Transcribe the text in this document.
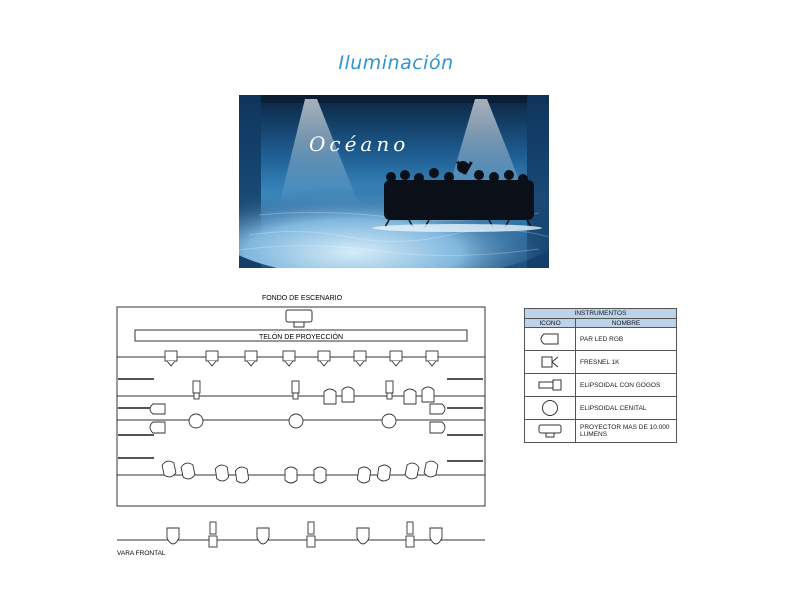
Iluminación
Océano
FONDO DE ESCENARIO
TELÓN DE PROYECCIÓN
VARA FRONTAL
INSTRUMENTOS	
ICONO	NOMBRE

	PAR LED RGB

	FRESNEL 1K

	ELIPSOIDAL CON GOGOS

	ELIPSOIDAL CENITAL

	PROYECTOR MAS DE 10.000 LUMENS
